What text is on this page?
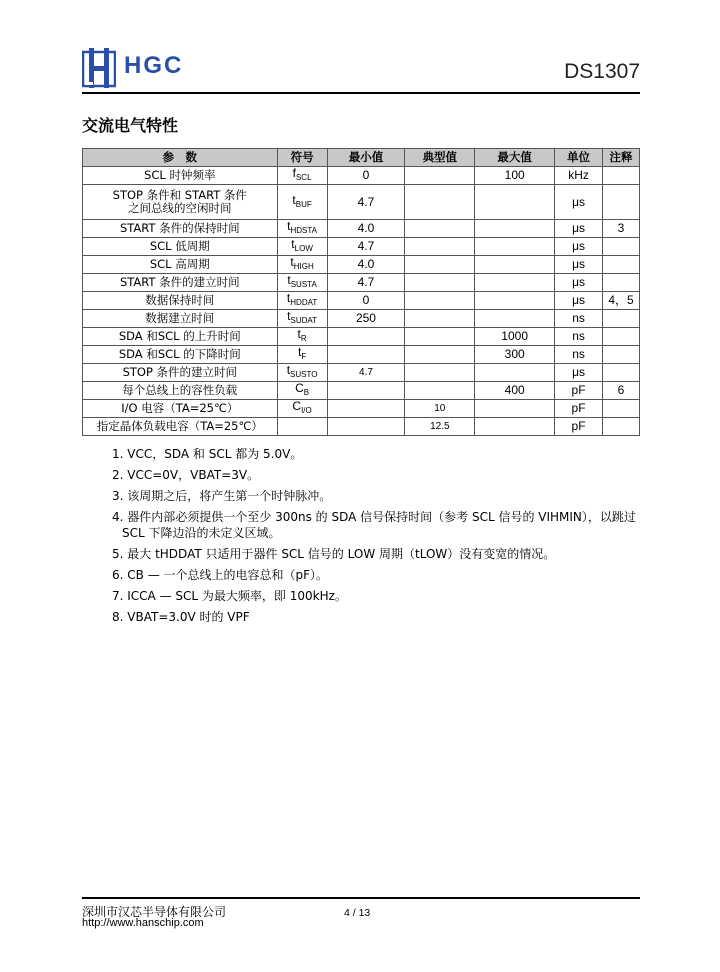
HGC	DS1307
交流电气特性
参　数	符号	最小值	典型值	最大值	单位	注释

SCL 时钟频率	$f_{SCL}$	0		100	kHz	

STOP 条件和 START 条件
之间总线的空闲时间	$t_{BUF}$	4.7			μs	

START 条件的保持时间	$t_{HDSTA}$	4.0			μs	3

SCL 低周期	$t_{LOW}$	4.7			μs	

SCL 高周期	$t_{HIGH}$	4.0			μs	

START 条件的建立时间	$t_{SUSTA}$	4.7			μs	

数据保持时间	$t_{HDDAT}$	0			μs	4，5

数据建立时间	$t_{SUDAT}$	250			ns	

SDA 和SCL 的上升时间	$t_R$			1000	ns	

SDA 和SCL 的下降时间	$t_F$			300	ns	

STOP 条件的建立时间	$t_{SUSTO}$	4.7			μs	

每个总线上的容性负载	$C_B$			400	pF	6

I/O 电容（TA=25℃）	$C_{I/O}$		10		pF	

指定晶体负载电容（TA=25℃）			12.5		pF	
1. VCC，SDA 和 SCL 都为 5.0V。
2. VCC=0V，VBAT=3V。
3. 该周期之后，将产生第一个时钟脉冲。
4. 器件内部必须提供一个至少 300ns 的 SDA 信号保持时间（参考 SCL 信号的 VIHMIN），以跳过 SCL 下降边沿的未定义区域。
5. 最大 tHDDAT 只适用于器件 SCL 信号的 LOW 周期（tLOW）没有变宽的情况。
6. CB — 一个总线上的电容总和（pF）。
7. ICCA — SCL 为最大频率，即 100kHz。
8. VBAT=3.0V 时的 VPF
深圳市汉芯半导体有限公司
http://www.hanschip.com
4 / 13
